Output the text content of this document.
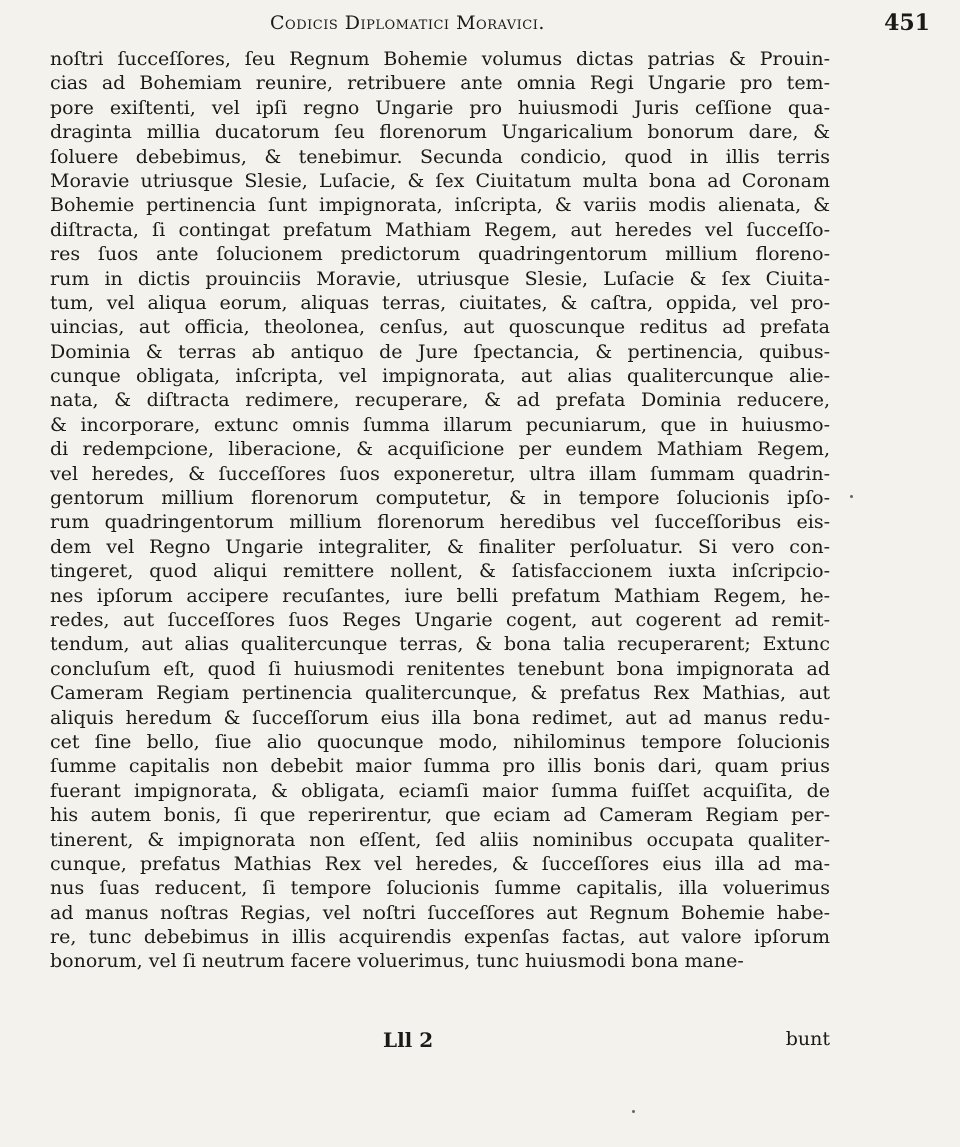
Codicis Diplomatici Moravici.	451
noſtri ſucceſſores, ſeu Regnum Bohemie volumus dictas patrias & Prouin-
cias ad Bohemiam reunire, retribuere ante omnia Regi Ungarie pro tem-
pore exiſtenti, vel ipſi regno Ungarie pro huiusmodi Juris ceſſione qua-
draginta millia ducatorum ſeu florenorum Ungaricalium bonorum dare, &
ſoluere debebimus, & tenebimur. Secunda condicio, quod in illis terris
Moravie utriusque Slesie, Luſacie, & ſex Ciuitatum multa bona ad Coronam
Bohemie pertinencia ſunt impignorata, inſcripta, & variis modis alienata, &
diſtracta, ſi contingat prefatum Mathiam Regem, aut heredes vel ſucceſſo-
res ſuos ante ſolucionem predictorum quadringentorum millium floreno-
rum in dictis prouinciis Moravie, utriusque Slesie, Luſacie & ſex Ciuita-
tum, vel aliqua eorum, aliquas terras, ciuitates, & caſtra, oppida, vel pro-
uincias, aut officia, theolonea, cenſus, aut quoscunque reditus ad prefata
Dominia & terras ab antiquo de Jure ſpectancia, & pertinencia, quibus-
cunque obligata, inſcripta, vel impignorata, aut alias qualitercunque alie-
nata, & diſtracta redimere, recuperare, & ad prefata Dominia reducere,
& incorporare, extunc omnis ſumma illarum pecuniarum, que in huiusmo-
di redempcione, liberacione, & acquiſicione per eundem Mathiam Regem,
vel heredes, & ſucceſſores ſuos exponeretur, ultra illam ſummam quadrin-
gentorum millium florenorum computetur, & in tempore ſolucionis ipſo-
rum quadringentorum millium florenorum heredibus vel ſucceſſoribus eis-
dem vel Regno Ungarie integraliter, & finaliter perſoluatur. Si vero con-
tingeret, quod aliqui remittere nollent, & ſatisfaccionem iuxta inſcripcio-
nes ipſorum accipere recuſantes, iure belli prefatum Mathiam Regem, he-
redes, aut ſucceſſores ſuos Reges Ungarie cogent, aut cogerent ad remit-
tendum, aut alias qualitercunque terras, & bona talia recuperarent; Extunc
concluſum eſt, quod ſi huiusmodi renitentes tenebunt bona impignorata ad
Cameram Regiam pertinencia qualitercunque, & prefatus Rex Mathias, aut
aliquis heredum & ſucceſſorum eius illa bona redimet, aut ad manus redu-
cet ſine bello, ſiue alio quocunque modo, nihilominus tempore ſolucionis
ſumme capitalis non debebit maior ſumma pro illis bonis dari, quam prius
fuerant impignorata, & obligata, eciamſi maior ſumma fuiſſet acquiſita, de
his autem bonis, ſi que reperirentur, que eciam ad Cameram Regiam per-
tinerent, & impignorata non eſſent, ſed aliis nominibus occupata qualiter-
cunque, prefatus Mathias Rex vel heredes, & ſucceſſores eius illa ad ma-
nus ſuas reducent, ſi tempore ſolucionis ſumme capitalis, illa voluerimus
ad manus noſtras Regias, vel noſtri ſucceſſores aut Regnum Bohemie habe-
re, tunc debebimus in illis acquirendis expenſas factas, aut valore ipſorum
bonorum, vel ſi neutrum facere voluerimus, tunc huiusmodi bona mane-
Lll 2	bunt
